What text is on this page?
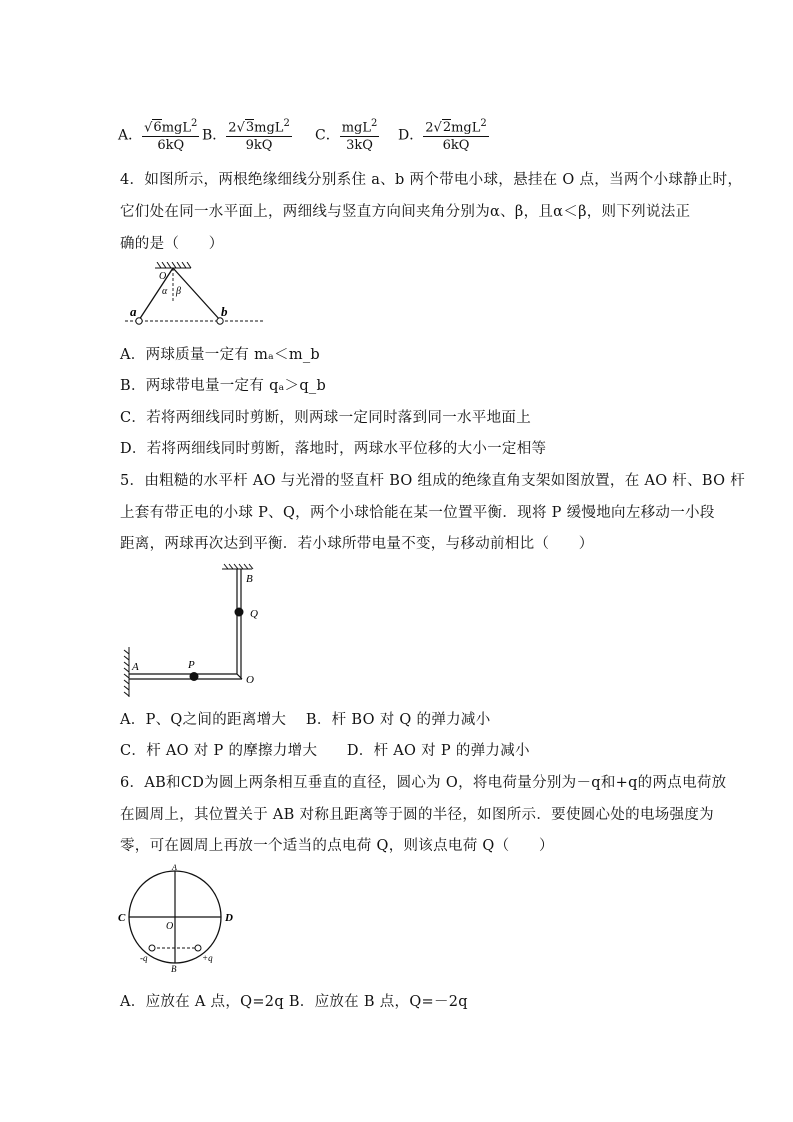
A． $\frac{√6mgL^2}{6kQ}$ B． $\frac{2√3mgL^2}{9kQ}$ C． $\frac{mgL^2}{3kQ}$ D． $\frac{2√2mgL^2}{6kQ}$
4．如图所示，两根绝缘细线分别系住 a、b 两个带电小球，悬挂在 O 点，当两个小球静止时，
它们处在同一水平面上，两细线与竖直方向间夹角分别为α、β，且α＜β，则下列说法正
确的是（　　）
O
α β
a	b
A．两球质量一定有 mₐ＜m_b
B．两球带电量一定有 qₐ＞q_b
C．若将两细线同时剪断，则两球一定同时落到同一水平地面上
D．若将两细线同时剪断，落地时，两球水平位移的大小一定相等
5．由粗糙的水平杆 AO 与光滑的竖直杆 BO 组成的绝缘直角支架如图放置，在 AO 杆、BO 杆
上套有带正电的小球 P、Q，两个小球恰能在某一位置平衡．现将 P 缓慢地向左移动一小段
距离，两球再次达到平衡．若小球所带电量不变，与移动前相比（　　）
B
Q
P
A
O
A．P、Q之间的距离增大　 B．杆 BO 对 Q 的弹力减小
C．杆 AO 对 P 的摩擦力增大　　D．杆 AO 对 P 的弹力减小
6．AB和CD为圆上两条相互垂直的直径，圆心为 O，将电荷量分别为－q和+q的两点电荷放
在圆周上，其位置关于 AB 对称且距离等于圆的半径，如图所示．要使圆心处的电场强度为
零，可在圆周上再放一个适当的点电荷 Q，则该点电荷 Q（　　）
A
C	D
O
B
-q	+q
A．应放在 A 点，Q=2q B．应放在 B 点，Q=－2q
